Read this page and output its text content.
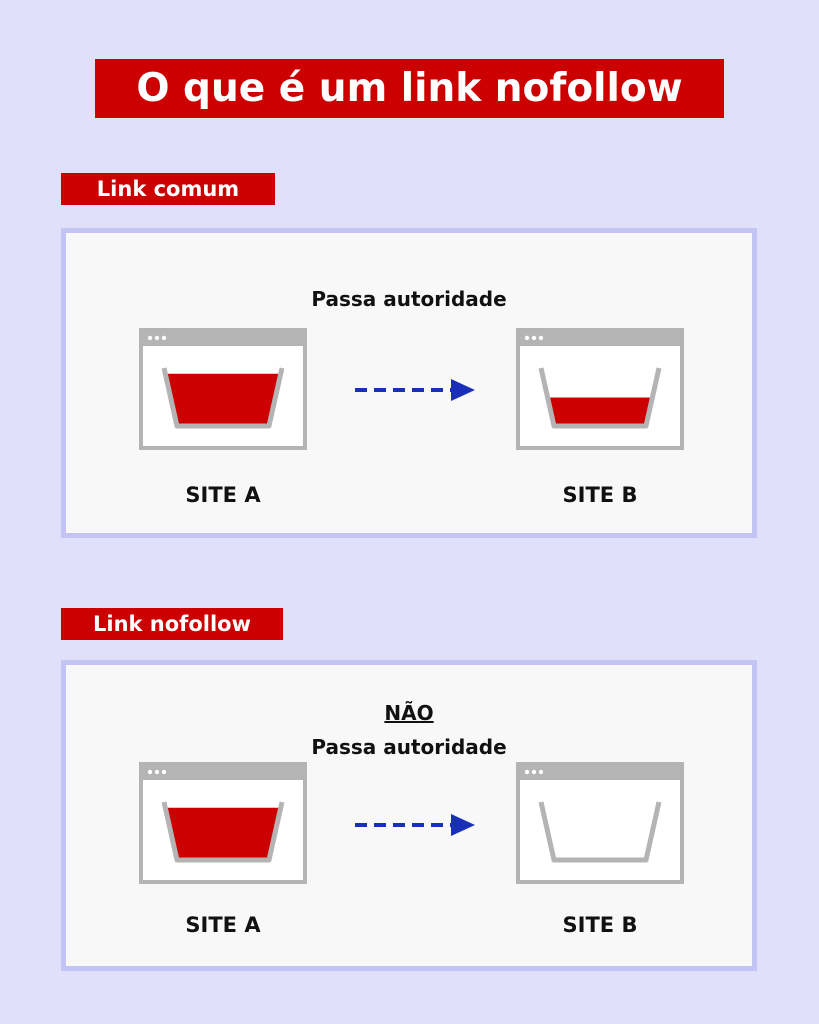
O que é um link nofollow
Link comum
Passa autoridade
SITE A	SITE B
Link nofollow
NÃO
Passa autoridade
SITE A	SITE B
